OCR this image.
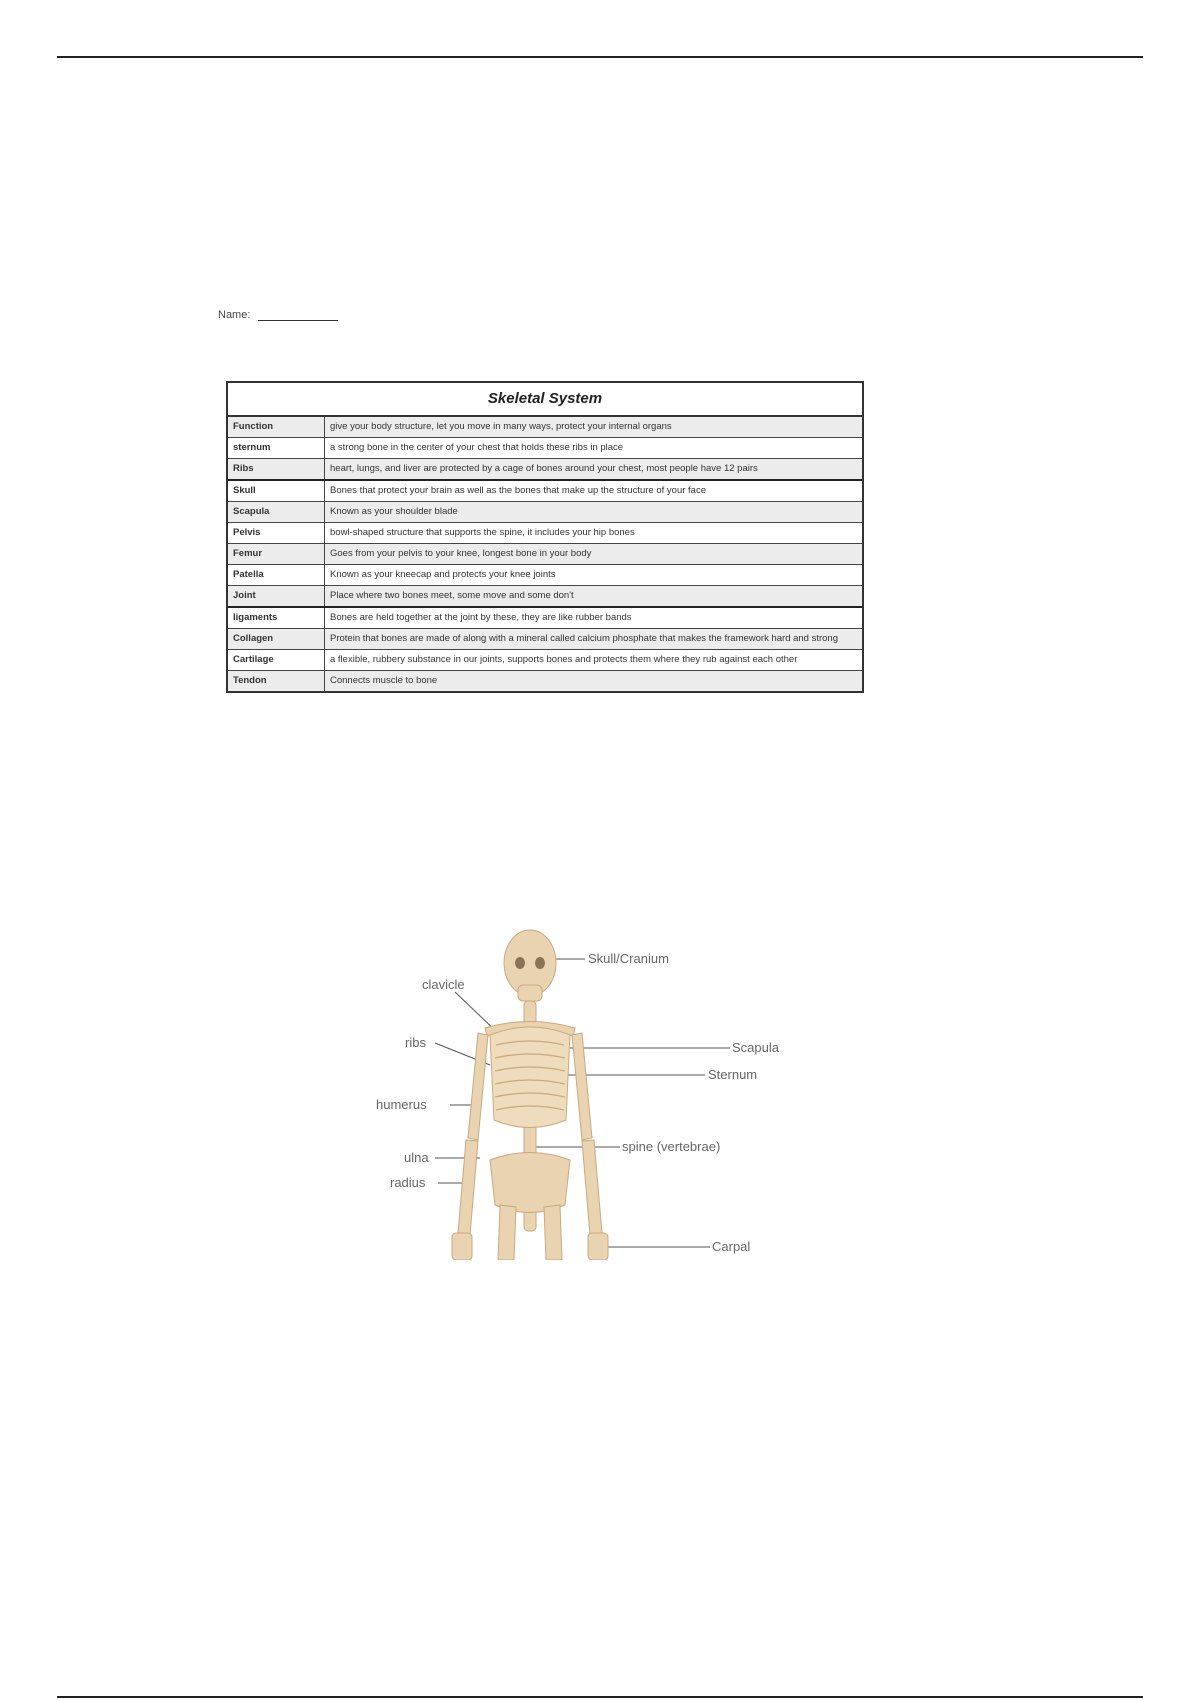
Name:
Skeletal System
Function	give your body structure, let you move in many ways, protect your internal organs
sternum	a strong bone in the center of your chest that holds these ribs in place
Ribs	heart, lungs, and liver are protected by a cage of bones around your chest, most people have 12 pairs
Skull	Bones that protect your brain as well as the bones that make up the structure of your face
Scapula	Known as your shoulder blade
Pelvis	bowl-shaped structure that supports the spine, it includes your hip bones
Femur	Goes from your pelvis to your knee, longest bone in your body
Patella	Known as your kneecap and protects your knee joints
Joint	Place where two bones meet, some move and some don't
ligaments	Bones are held together at the joint by these, they are like rubber bands
Collagen	Protein that bones are made of along with a mineral called calcium phosphate that makes the framework hard and strong
Cartilage	a flexible, rubbery substance in our joints, supports bones and protects them where they rub against each other
Tendon	Connects muscle to bone
Skull/Cranium
clavicle
ribs
humerus
ulna
radius
Scapula
Sternum
spine (vertebrae)
Carpal
